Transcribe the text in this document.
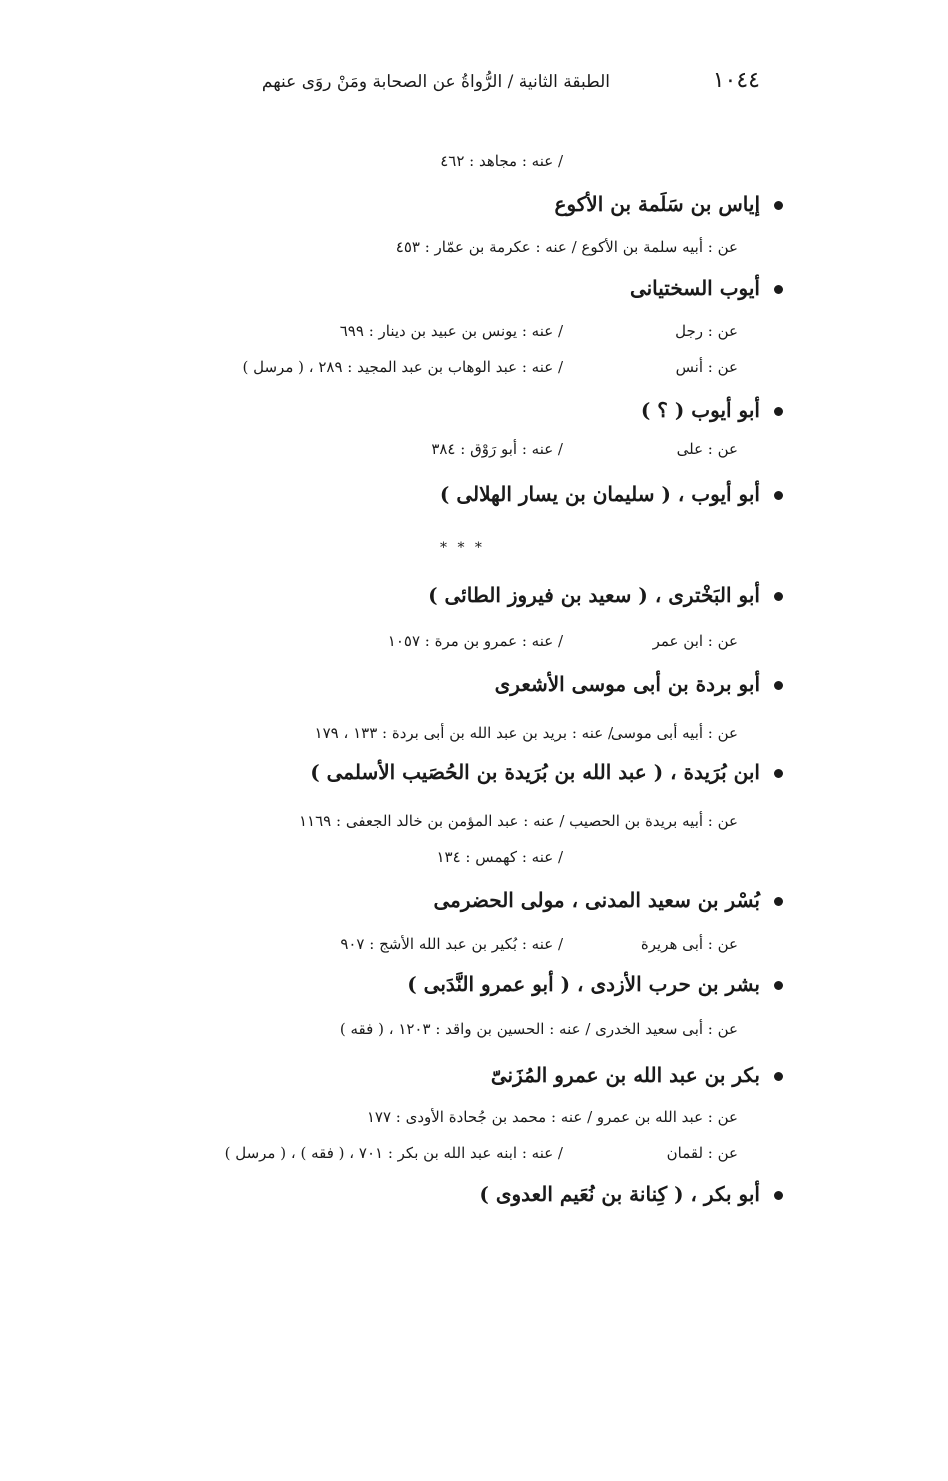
١٠٤٤
الطبقة الثانية / الرُّواةُ عن الصحابة ومَنْ روَى عنهم
/ عنه : مجاهد : ٤٦٢
إياس بن سَلَمة بن الأكوع
عن : أبيه سلمة بن الأكوع / عنه : عكرمة بن عمّار : ٤٥٣
أيوب السختيانى
عن : رجل
/ عنه : يونس بن عبيد بن دينار : ٦٩٩
عن : أنس
/ عنه : عبد الوهاب بن عبد المجيد : ٢٨٩ ، ( مرسل )
أبو أيوب ( ؟ )
عن : على
/ عنه : أبو رَوْق : ٣٨٤
أبو أيوب ، ( سليمان بن يسار الهلالى )
أبو البَخْترى ، ( سعيد بن فيروز الطائى )
عن : ابن عمر
/ عنه : عمرو بن مرة : ١٠٥٧
أبو بردة بن أبى موسى الأشعرى
عن : أبيه أبى موسى
/ عنه : بريد بن عبد الله بن أبى بردة : ١٣٣ ، ١٧٩
ابن بُرَيدة ، ( عبد الله بن بُرَيدة بن الحُصَيب الأسلمى )
عن : أبيه بريدة بن الحصيب / عنه : عبد المؤمن بن خالد الجعفى : ١١٦٩
/ عنه : كهمس : ١٣٤
بُسْر بن سعيد المدنى ، مولى الحضرمى
عن : أبى هريرة
/ عنه : بُكير بن عبد الله الأشج : ٩٠٧
بشر بن حرب الأزدى ، ( أبو عمرو النَّدَبى )
عن : أبى سعيد الخدرى / عنه : الحسين بن واقد : ١٢٠٣ ، ( فقه )
بكر بن عبد الله بن عمرو المُزَنىّ
عن : عبد الله بن عمرو / عنه : محمد بن جُحادة الأودى : ١٧٧
عن : لقمان
/ عنه : ابنه عبد الله بن بكر : ٧٠١ ، ( فقه ) ، ( مرسل )
أبو بكر ، ( كِنانة بن نُعَيم العدوى )
* * *
